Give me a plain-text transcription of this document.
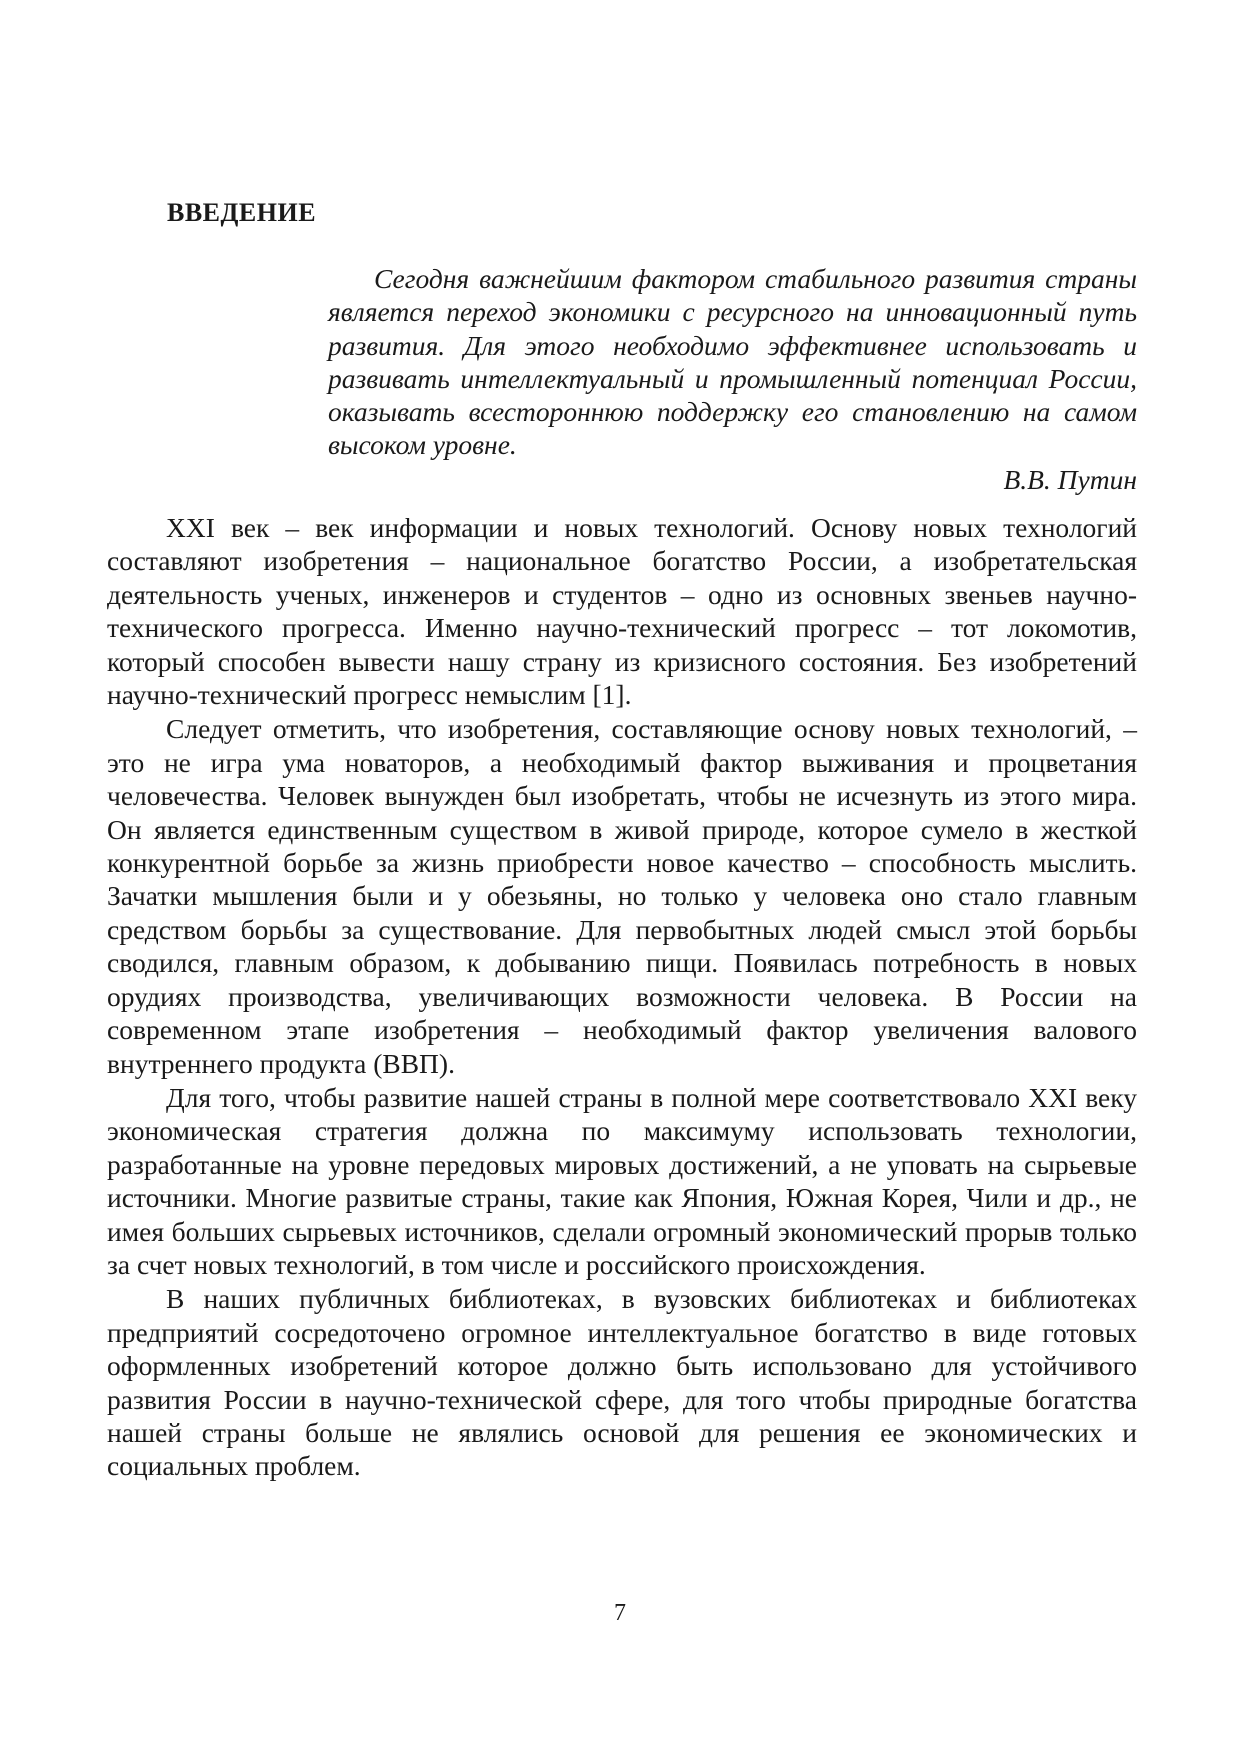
ВВЕДЕНИЕ

Сегодня важнейшим фактором стабильного развития страны является переход экономики с ресурсного на инновационный путь развития. Для этого необходимо эффективнее использовать и развивать интеллектуальный и промышленный потенциал России, оказывать всестороннюю поддержку его становлению на самом высоком уровне.

В.В. Путин

XXI век – век информации и новых технологий. Основу новых технологий составляют изобретения – национальное богатство России, а изобретательская деятельность ученых, инженеров и студентов – одно из основных звеньев научно-технического прогресса. Именно научно-технический прогресс – тот локомотив, который способен вывести нашу страну из кризисного состояния. Без изобретений научно-технический прогресс немыслим [1].

Следует отметить, что изобретения, составляющие основу новых технологий, – это не игра ума новаторов, а необходимый фактор выживания и процветания человечества. Человек вынужден был изобретать, чтобы не исчезнуть из этого мира. Он является единственным существом в живой природе, которое сумело в жесткой конкурентной борьбе за жизнь приобрести новое качество – способность мыслить. Зачатки мышления были и у обезьяны, но только у человека оно стало главным средством борьбы за существование. Для первобытных людей смысл этой борьбы сводился, главным образом, к добыванию пищи. Появилась потребность в новых орудиях производства, увеличивающих возможности человека. В России на современном этапе изобретения – необходимый фактор увеличения валового внутреннего продукта (ВВП).

Для того, чтобы развитие нашей страны в полной мере соответствовало XXI веку экономическая стратегия должна по максимуму использовать технологии, разработанные на уровне передовых мировых достижений, а не уповать на сырьевые источники. Многие развитые страны, такие как Япония, Южная Корея, Чили и др., не имея больших сырьевых источников, сделали огромный экономический прорыв только за счет новых технологий, в том числе и российского происхождения.

В наших публичных библиотеках, в вузовских библиотеках и библиотеках предприятий сосредоточено огромное интеллектуальное богатство в виде готовых оформленных изобретений которое должно быть использовано для устойчивого развития России в научно-технической сфере, для того чтобы природные богатства нашей страны больше не являлись основой для решения ее экономических и социальных проблем.

7
